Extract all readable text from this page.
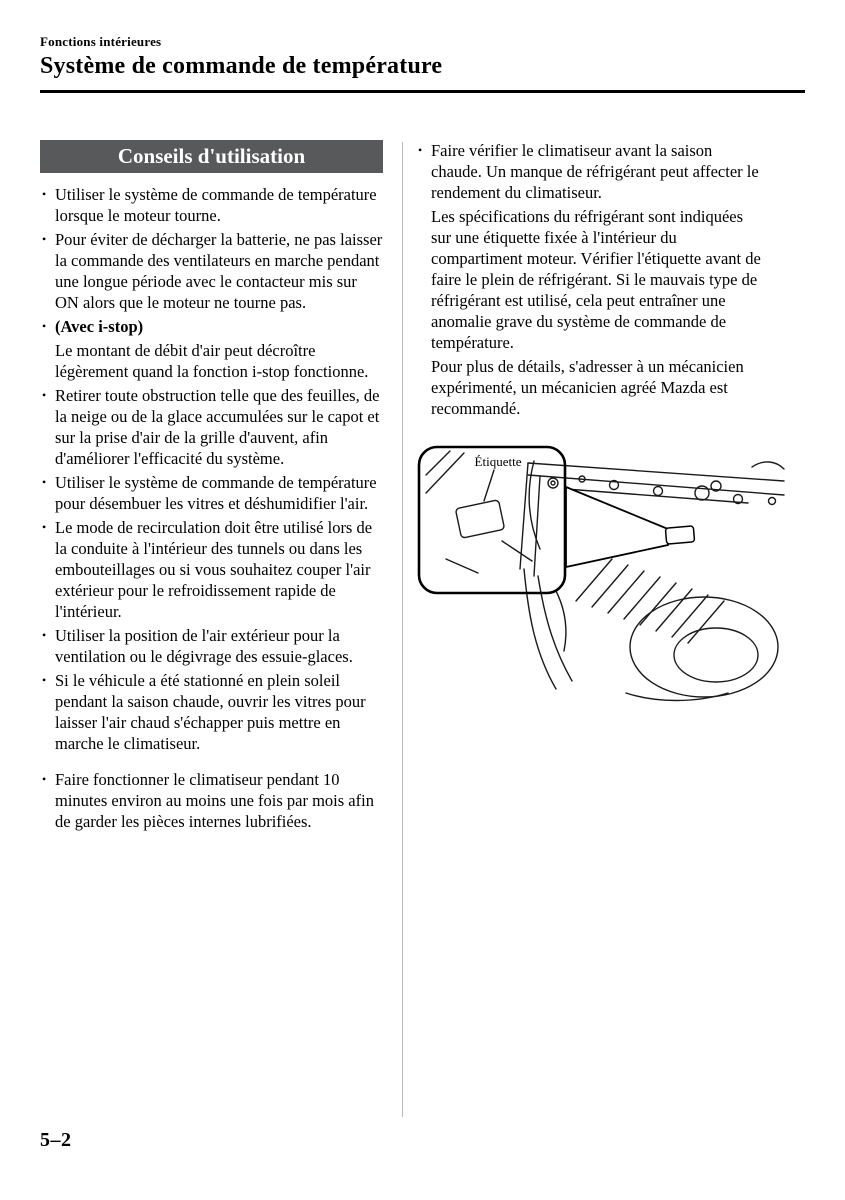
Fonctions intérieures
Système de commande de température
Conseils d'utilisation
• Utiliser le système de commande de température lorsque le moteur tourne.
• Pour éviter de décharger la batterie, ne pas laisser la commande des ventilateurs en marche pendant une longue période avec le contacteur mis sur ON alors que le moteur ne tourne pas.
• (Avec i-stop)
Le montant de débit d'air peut décroître légèrement quand la fonction i-stop fonctionne.
• Retirer toute obstruction telle que des feuilles, de la neige ou de la glace accumulées sur le capot et sur la prise d'air de la grille d'auvent, afin d'améliorer l'efficacité du système.
• Utiliser le système de commande de température pour désembuer les vitres et déshumidifier l'air.
• Le mode de recirculation doit être utilisé lors de la conduite à l'intérieur des tunnels ou dans les embouteillages ou si vous souhaitez couper l'air extérieur pour le refroidissement rapide de l'intérieur.
• Utiliser la position de l'air extérieur pour la ventilation ou le dégivrage des essuie-glaces.
• Si le véhicule a été stationné en plein soleil pendant la saison chaude, ouvrir les vitres pour laisser l'air chaud s'échapper puis mettre en marche le climatiseur.
• Faire fonctionner le climatiseur pendant 10 minutes environ au moins une fois par mois afin de garder les pièces internes lubrifiées.
• Faire vérifier le climatiseur avant la saison chaude. Un manque de réfrigérant peut affecter le rendement du climatiseur.
Les spécifications du réfrigérant sont indiquées sur une étiquette fixée à l'intérieur du compartiment moteur. Vérifier l'étiquette avant de faire le plein de réfrigérant. Si le mauvais type de réfrigérant est utilisé, cela peut entraîner une anomalie grave du système de commande de température.
Pour plus de détails, s'adresser à un mécanicien expérimenté, un mécanicien agréé Mazda est recommandé.
Étiquette
5–2
